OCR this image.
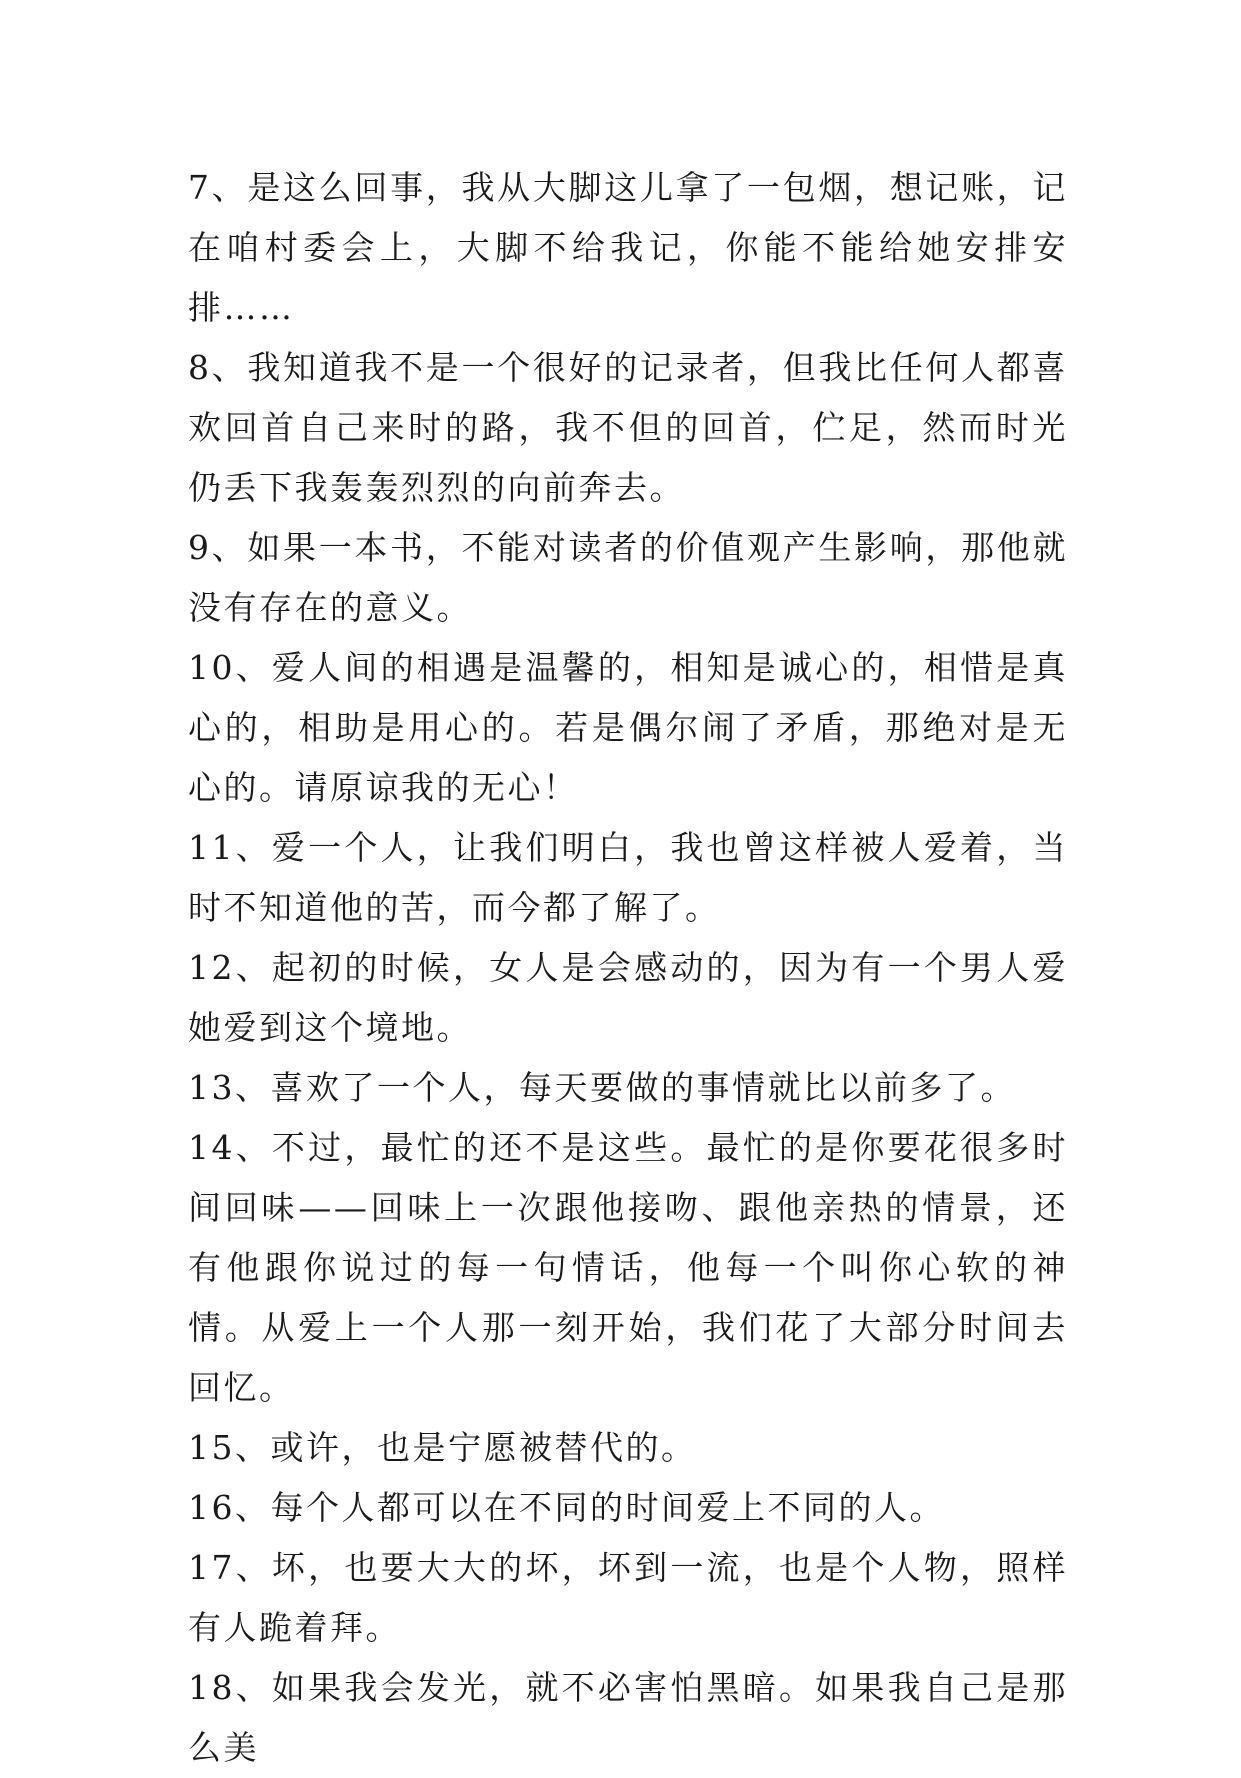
7、是这么回事，我从大脚这儿拿了一包烟，想记账，记在咱村委会上，大脚不给我记，你能不能给她安排安排……

8、我知道我不是一个很好的记录者，但我比任何人都喜欢回首自己来时的路，我不但的回首，伫足，然而时光仍丢下我轰轰烈烈的向前奔去。

9、如果一本书，不能对读者的价值观产生影响，那他就没有存在的意义。

10、爱人间的相遇是温馨的，相知是诚心的，相惜是真心的，相助是用心的。若是偶尔闹了矛盾，那绝对是无心的。请原谅我的无心！

11、爱一个人，让我们明白，我也曾这样被人爱着，当时不知道他的苦，而今都了解了。

12、起初的时候，女人是会感动的，因为有一个男人爱她爱到这个境地。

13、喜欢了一个人，每天要做的事情就比以前多了。

14、不过，最忙的还不是这些。最忙的是你要花很多时间回味——回味上一次跟他接吻、跟他亲热的情景，还有他跟你说过的每一句情话，他每一个叫你心软的神情。从爱上一个人那一刻开始，我们花了大部分时间去回忆。

15、或许，也是宁愿被替代的。

16、每个人都可以在不同的时间爱上不同的人。

17、坏，也要大大的坏，坏到一流，也是个人物，照样有人跪着拜。

18、如果我会发光，就不必害怕黑暗。如果我自己是那么美
